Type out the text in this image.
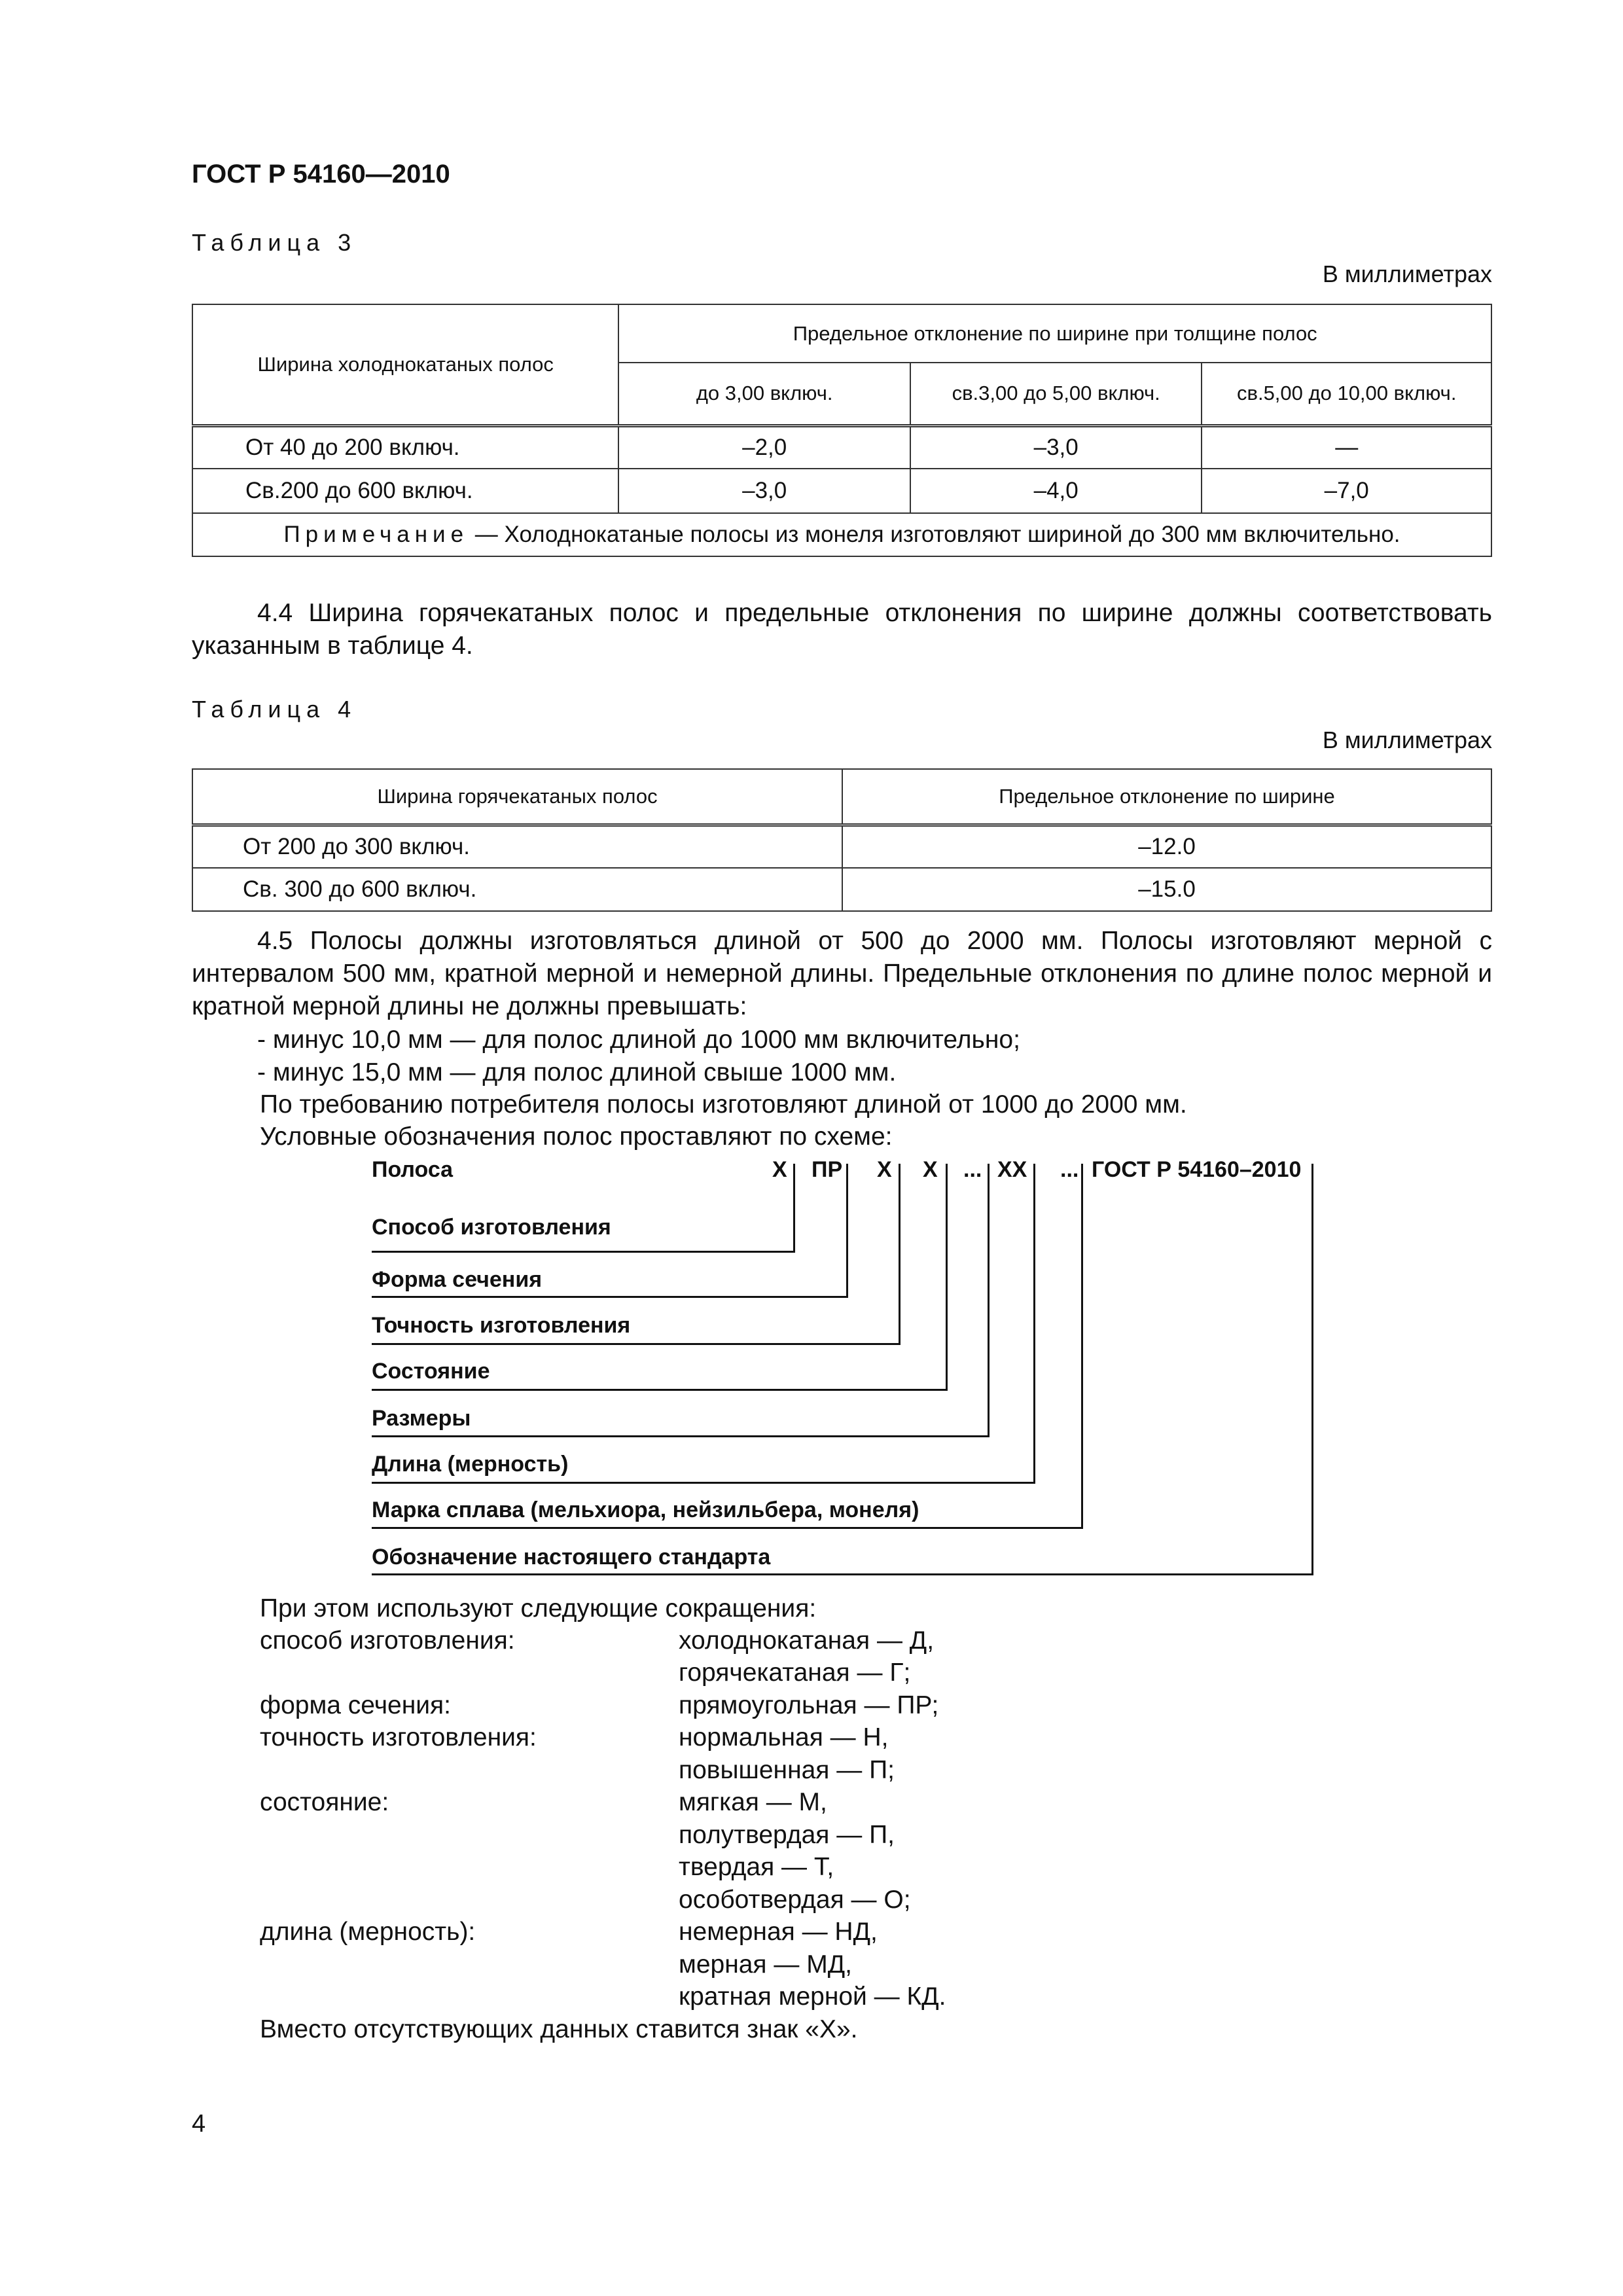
ГОСТ Р 54160—2010
Таблица 3
В миллиметрах
Ширина холоднокатаных полос	Предельное отклонение по ширине при толщине полос		
	до 3,00 включ.	св.3,00 до 5,00 включ.	св.5,00 до 10,00 включ.
От 40 до 200 включ.	–2,0	–3,0	—
Св.200 до 600 включ.	–3,0	–4,0	–7,0
Примечание — Холоднокатаные полосы из монеля изготовляют шириной до 300 мм включительно.			
4.4 Ширина горячекатаных полос и предельные отклонения по ширине должны соответствовать указанным в таблице 4.
Таблица 4
В миллиметрах
Ширина горячекатаных полос	Предельное отклонение по ширине
От 200 до 300 включ.	–12.0
Св. 300 до 600 включ.	–15.0
4.5 Полосы должны изготовляться длиной от 500 до 2000 мм. Полосы изготовляют мерной с интервалом 500 мм, кратной мерной и немерной длины. Предельные отклонения по длине полос мерной и кратной мерной длины не должны превышать:
- минус 10,0 мм — для полос длиной до 1000 мм включительно;
- минус 15,0 мм — для полос длиной свыше 1000 мм.
По требованию потребителя полосы изготовляют длиной от 1000 до 2000 мм.
Условные обозначения полос проставляют по схеме:
Полоса	Х ПР Х Х ... ХХ ... ГОСТ Р 54160–2010
Способ изготовления
Форма сечения
Точность изготовления
Состояние
Размеры
Длина (мерность)
Марка сплава (мельхиора, нейзильбера, монеля)
Обозначение настоящего стандарта
При этом используют следующие сокращения:
способ изготовления:	холоднокатаная — Д,
горячекатаная — Г;
форма сечения:	прямоугольная — ПР;
точность изготовления:	нормальная — Н,
повышенная — П;
состояние:	мягкая — М,
полутвердая — П,
твердая — Т,
особотвердая — О;
длина (мерность):	немерная — НД,
мерная — МД,
кратная мерной — КД.
Вместо отсутствующих данных ставится знак «Х».
4
